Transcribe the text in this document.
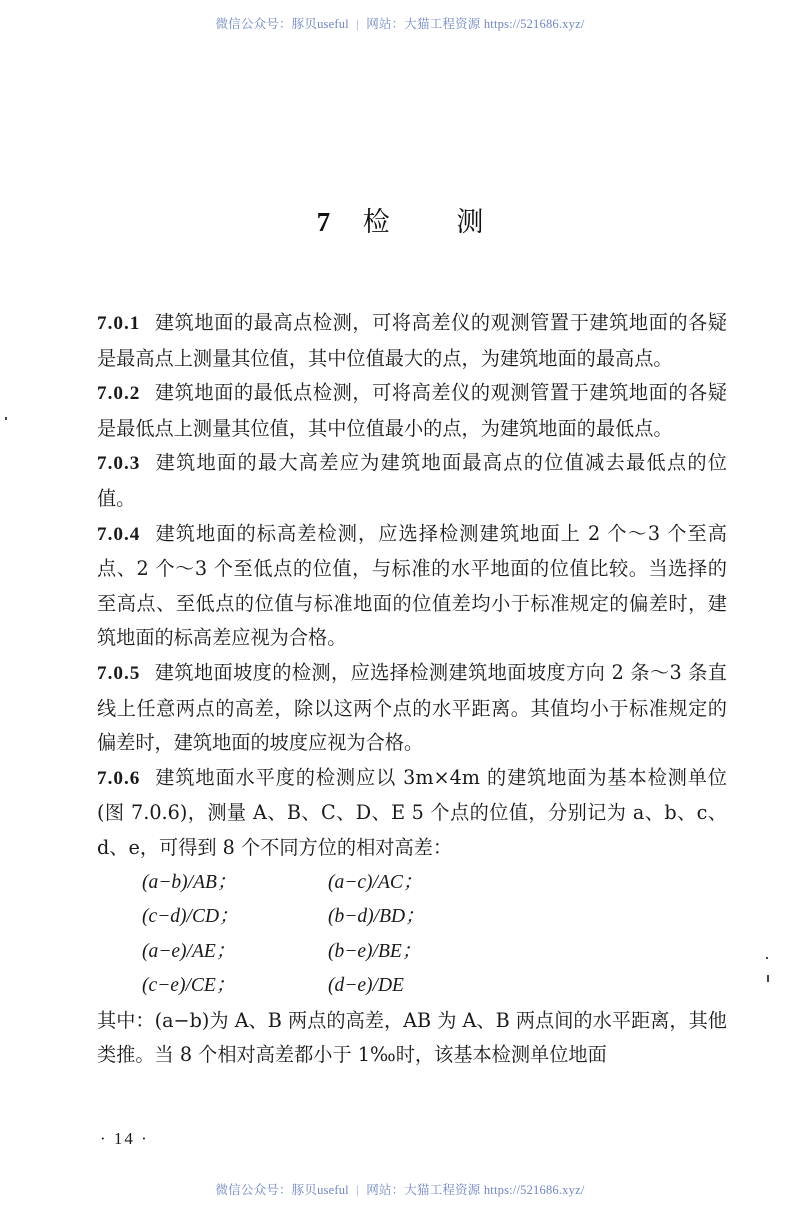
微信公众号：豚贝useful | 网站：大猫工程资源 https://521686.xyz/
7 检 测

7.0.1 建筑地面的最高点检测，可将高差仪的观测管置于建筑地面的各疑是最高点上测量其位值，其中位值最大的点，为建筑地面的最高点。

7.0.2 建筑地面的最低点检测，可将高差仪的观测管置于建筑地面的各疑是最低点上测量其位值，其中位值最小的点，为建筑地面的最低点。

7.0.3 建筑地面的最大高差应为建筑地面最高点的位值减去最低点的位值。

7.0.4 建筑地面的标高差检测，应选择检测建筑地面上 2 个～3 个至高点、2 个～3 个至低点的位值，与标准的水平地面的位值比较。当选择的至高点、至低点的位值与标准地面的位值差均小于标准规定的偏差时，建筑地面的标高差应视为合格。

7.0.5 建筑地面坡度的检测，应选择检测建筑地面坡度方向 2 条～3 条直线上任意两点的高差，除以这两个点的水平距离。其值均小于标准规定的偏差时，建筑地面的坡度应视为合格。

7.0.6 建筑地面水平度的检测应以 3m×4m 的建筑地面为基本检测单位(图 7.0.6)，测量 A、B、C、D、E 5 个点的位值，分别记为 a、b、c、d、e，可得到 8 个不同方位的相对高差：

(a−b)/AB；	(a−c)/AC；
(c−d)/CD；	(b−d)/BD；
(a−e)/AE；	(b−e)/BE；
(c−e)/CE；	(d−e)/DE

其中：(a−b)为 A、B 两点的高差，AB 为 A、B 两点间的水平距离，其他类推。当 8 个相对高差都小于 1‰时，该基本检测单位地面

· 14 ·
微信公众号：豚贝useful | 网站：大猫工程资源 https://521686.xyz/
